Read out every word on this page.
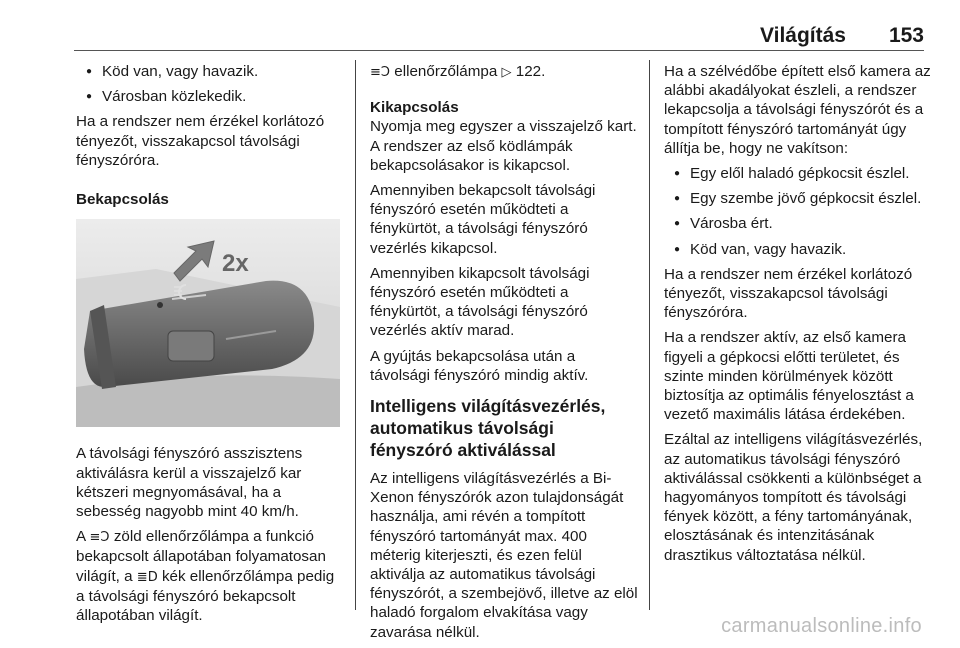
Világítás 153
● Köd van, vagy havazik.
● Városban közlekedik.

Ha a rendszer nem érzékel korlátozó tényezőt, visszakapcsol távolsági fényszóróra.

Bekapcsolás

2x

A távolsági fényszóró asszisztens aktiválásra kerül a visszajelző kar kétszeri megnyomásával, ha a sebesség nagyobb mint 40 km/h.

A ≡Ɔ zöld ellenőrzőlámpa a funkció bekapcsolt állapotában folyamatosan világít, a ≣D kék ellenőrzőlámpa pedig a távolsági fényszóró bekapcsolt állapotában világít.

≡Ɔ ellenőrzőlámpa ▷ 122.

Kikapcsolás

Nyomja meg egyszer a visszajelző kart. A rendszer az első ködlámpák bekapcsolásakor is kikapcsol.

Amennyiben bekapcsolt távolsági fényszóró esetén működteti a fénykürtöt, a távolsági fényszóró vezérlés kikapcsol.

Amennyiben kikapcsolt távolsági fényszóró esetén működteti a fénykürtöt, a távolsági fényszóró vezérlés aktív marad.

A gyújtás bekapcsolása után a távolsági fényszóró mindig aktív.

Intelligens világításvezérlés, automatikus távolsági fényszóró aktiválással

Az intelligens világításvezérlés a Bi-Xenon fényszórók azon tulajdonságát használja, ami révén a tompított fényszóró tartományát max. 400 méterig kiterjeszti, és ezen felül aktiválja az automatikus távolsági fényszórót, a szembejövő, illetve az elöl haladó forgalom elvakítása vagy zavarása nélkül.

Ha a szélvédőbe épített első kamera az alábbi akadályokat észleli, a rendszer lekapcsolja a távolsági fényszórót és a tompított fényszóró tartományát úgy állítja be, hogy ne vakítson:

● Egy elől haladó gépkocsit észlel.
● Egy szembe jövő gépkocsit észlel.
● Városba ért.
● Köd van, vagy havazik.

Ha a rendszer nem érzékel korlátozó tényezőt, visszakapcsol távolsági fényszóróra.

Ha a rendszer aktív, az első kamera figyeli a gépkocsi előtti területet, és szinte minden körülmények között biztosítja az optimális fényelosztást a vezető maximális látása érdekében.

Ezáltal az intelligens világításvezérlés, az automatikus távolsági fényszóró aktiválással csökkenti a különbséget a hagyományos tompított és távolsági fények között, a fény tartományának, elosztásának és intenzitásának drasztikus változtatása nélkül.

carmanualsonline.info
